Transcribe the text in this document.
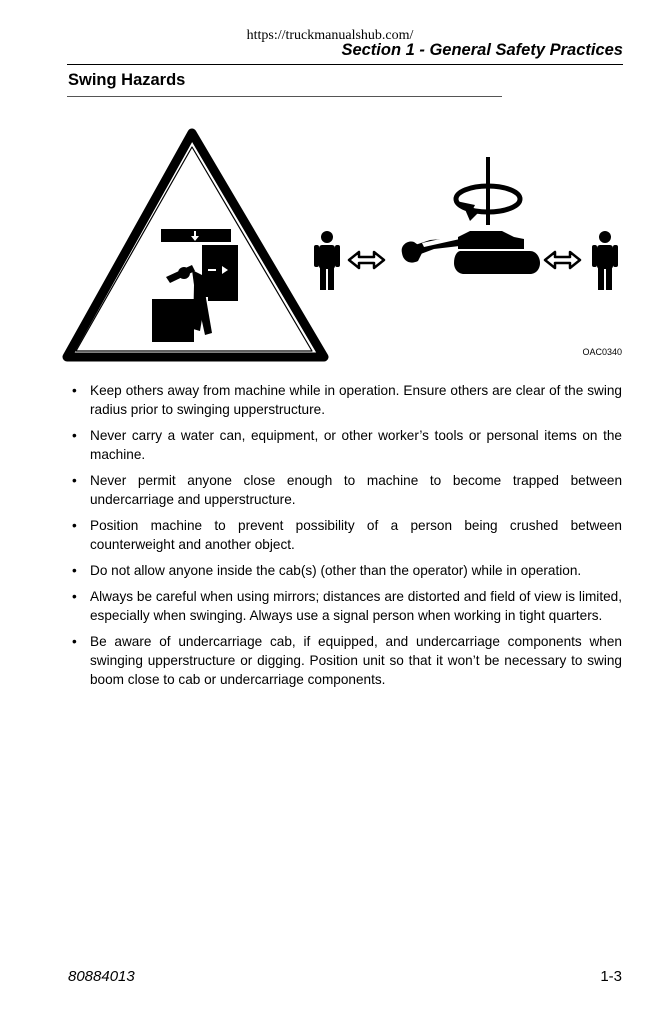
https://truckmanualshub.com/
Section 1 - General Safety Practices
Swing Hazards
OAC0340
• Keep others away from machine while in operation. Ensure others are clear of the swing radius prior to swinging upperstructure.
• Never carry a water can, equipment, or other worker’s tools or personal items on the machine.
• Never permit anyone close enough to machine to become trapped between undercarriage and upperstructure.
• Position machine to prevent possibility of a person being crushed between counterweight and another object.
• Do not allow anyone inside the cab(s) (other than the operator) while in operation.
• Always be careful when using mirrors; distances are distorted and field of view is limited, especially when swinging. Always use a signal person when working in tight quarters.
• Be aware of undercarriage cab, if equipped, and undercarriage components when swinging upperstructure or digging. Position unit so that it won’t be necessary to swing boom close to cab or undercarriage components.
80884013	1-3
